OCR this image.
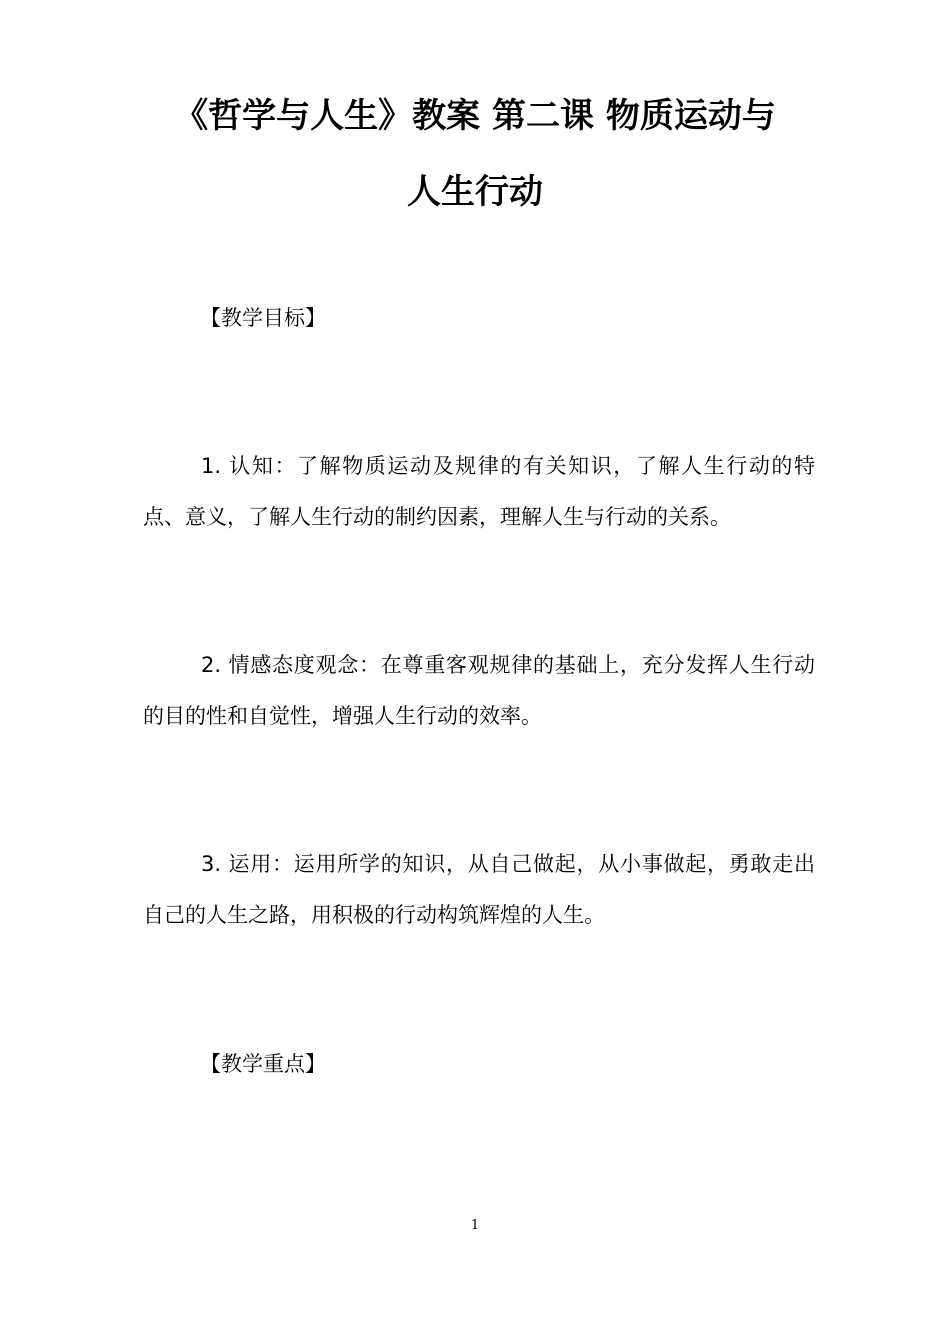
《哲学与人生》教案 第二课 物质运动与
人生行动
【教学目标】
1. 认知：了解物质运动及规律的有关知识，了解人生行动的特点、意义，了解人生行动的制约因素，理解人生与行动的关系。
2. 情感态度观念：在尊重客观规律的基础上，充分发挥人生行动的目的性和自觉性，增强人生行动的效率。
3. 运用：运用所学的知识，从自己做起，从小事做起，勇敢走出自己的人生之路，用积极的行动构筑辉煌的人生。
【教学重点】
1
